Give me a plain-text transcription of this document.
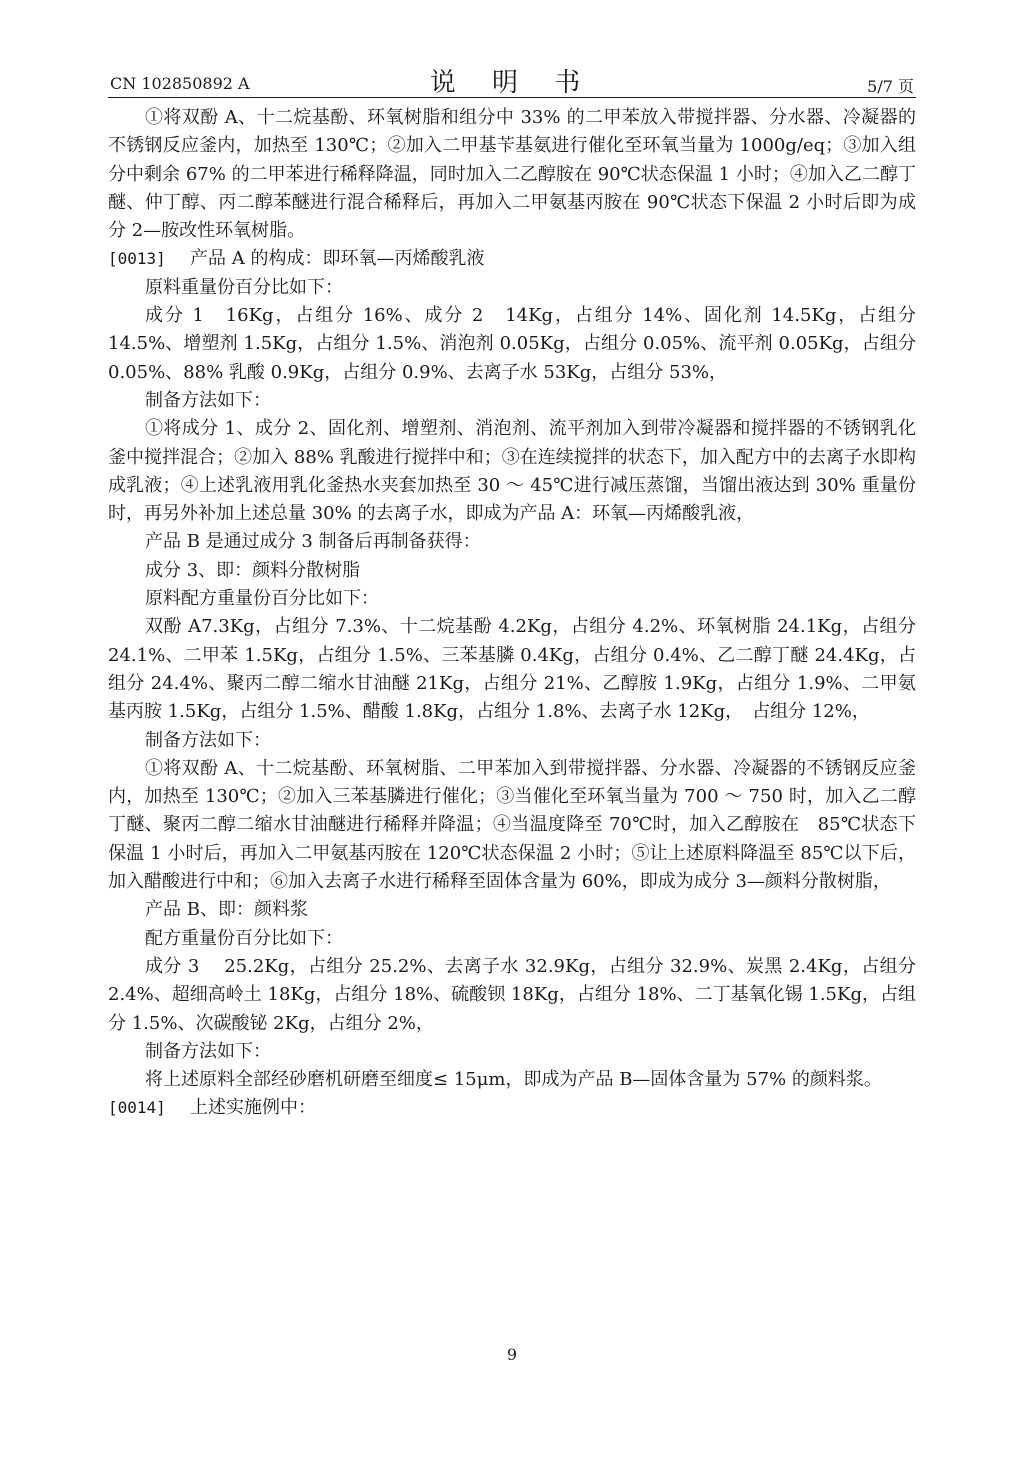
CN 102850892 A	说 明 书	5/7 页

①将双酚 A、十二烷基酚、环氧树脂和组分中 33% 的二甲苯放入带搅拌器、分水器、冷凝器的不锈钢反应釜内，加热至 130℃；②加入二甲基苄基氨进行催化至环氧当量为 1000g/eq；③加入组分中剩余 67% 的二甲苯进行稀释降温，同时加入二乙醇胺在 90℃状态保温 1 小时；④加入乙二醇丁醚、仲丁醇、丙二醇苯醚进行混合稀释后，再加入二甲氨基丙胺在 90℃状态下保温 2 小时后即为成分 2—胺改性环氧树脂。

[0013] 产品 A 的构成：即环氧—丙烯酸乳液

原料重量份百分比如下：

成分 1　16Kg，占组分 16%、成分 2　14Kg，占组分 14%、固化剂 14.5Kg，占组分 14.5%、增塑剂 1.5Kg，占组分 1.5%、消泡剂 0.05Kg，占组分 0.05%、流平剂 0.05Kg，占组分 0.05%、88% 乳酸 0.9Kg，占组分 0.9%、去离子水 53Kg，占组分 53%，

制备方法如下：

①将成分 1、成分 2、固化剂、增塑剂、消泡剂、流平剂加入到带冷凝器和搅拌器的不锈钢乳化釜中搅拌混合；②加入 88% 乳酸进行搅拌中和；③在连续搅拌的状态下，加入配方中的去离子水即构成乳液；④上述乳液用乳化釜热水夹套加热至 30 ～ 45℃进行减压蒸馏，当馏出液达到 30% 重量份时，再另外补加上述总量 30% 的去离子水，即成为产品 A：环氧—丙烯酸乳液，

产品 B 是通过成分 3 制备后再制备获得：

成分 3、即：颜料分散树脂

原料配方重量份百分比如下：

双酚 A7.3Kg，占组分 7.3%、十二烷基酚 4.2Kg，占组分 4.2%、环氧树脂 24.1Kg，占组分 24.1%、二甲苯 1.5Kg，占组分 1.5%、三苯基膦 0.4Kg，占组分 0.4%、乙二醇丁醚 24.4Kg，占组分 24.4%、聚丙二醇二缩水甘油醚 21Kg，占组分 21%、乙醇胺 1.9Kg，占组分 1.9%、二甲氨基丙胺 1.5Kg，占组分 1.5%、醋酸 1.8Kg，占组分 1.8%、去离子水 12Kg，　占组分 12%，

制备方法如下：

①将双酚 A、十二烷基酚、环氧树脂、二甲苯加入到带搅拌器、分水器、冷凝器的不锈钢反应釜内，加热至 130℃；②加入三苯基膦进行催化；③当催化至环氧当量为 700 ～ 750 时，加入乙二醇丁醚、聚丙二醇二缩水甘油醚进行稀释并降温；④当温度降至 70℃时，加入乙醇胺在　85℃状态下保温 1 小时后，再加入二甲氨基丙胺在 120℃状态保温 2 小时；⑤让上述原料降温至 85℃以下后，加入醋酸进行中和；⑥加入去离子水进行稀释至固体含量为 60%，即成为成分 3—颜料分散树脂，

产品 B、即：颜料浆

配方重量份百分比如下：

成分 3　 25.2Kg，占组分 25.2%、去离子水 32.9Kg，占组分 32.9%、炭黑 2.4Kg，占组分 2.4%、超细高岭土 18Kg，占组分 18%、硫酸钡 18Kg，占组分 18%、二丁基氧化锡 1.5Kg，占组分 1.5%、次碳酸铋 2Kg，占组分 2%，

制备方法如下：

将上述原料全部经砂磨机研磨至细度≤ 15μm，即成为产品 B—固体含量为 57% 的颜料浆。

[0014] 上述实施例中：

9
